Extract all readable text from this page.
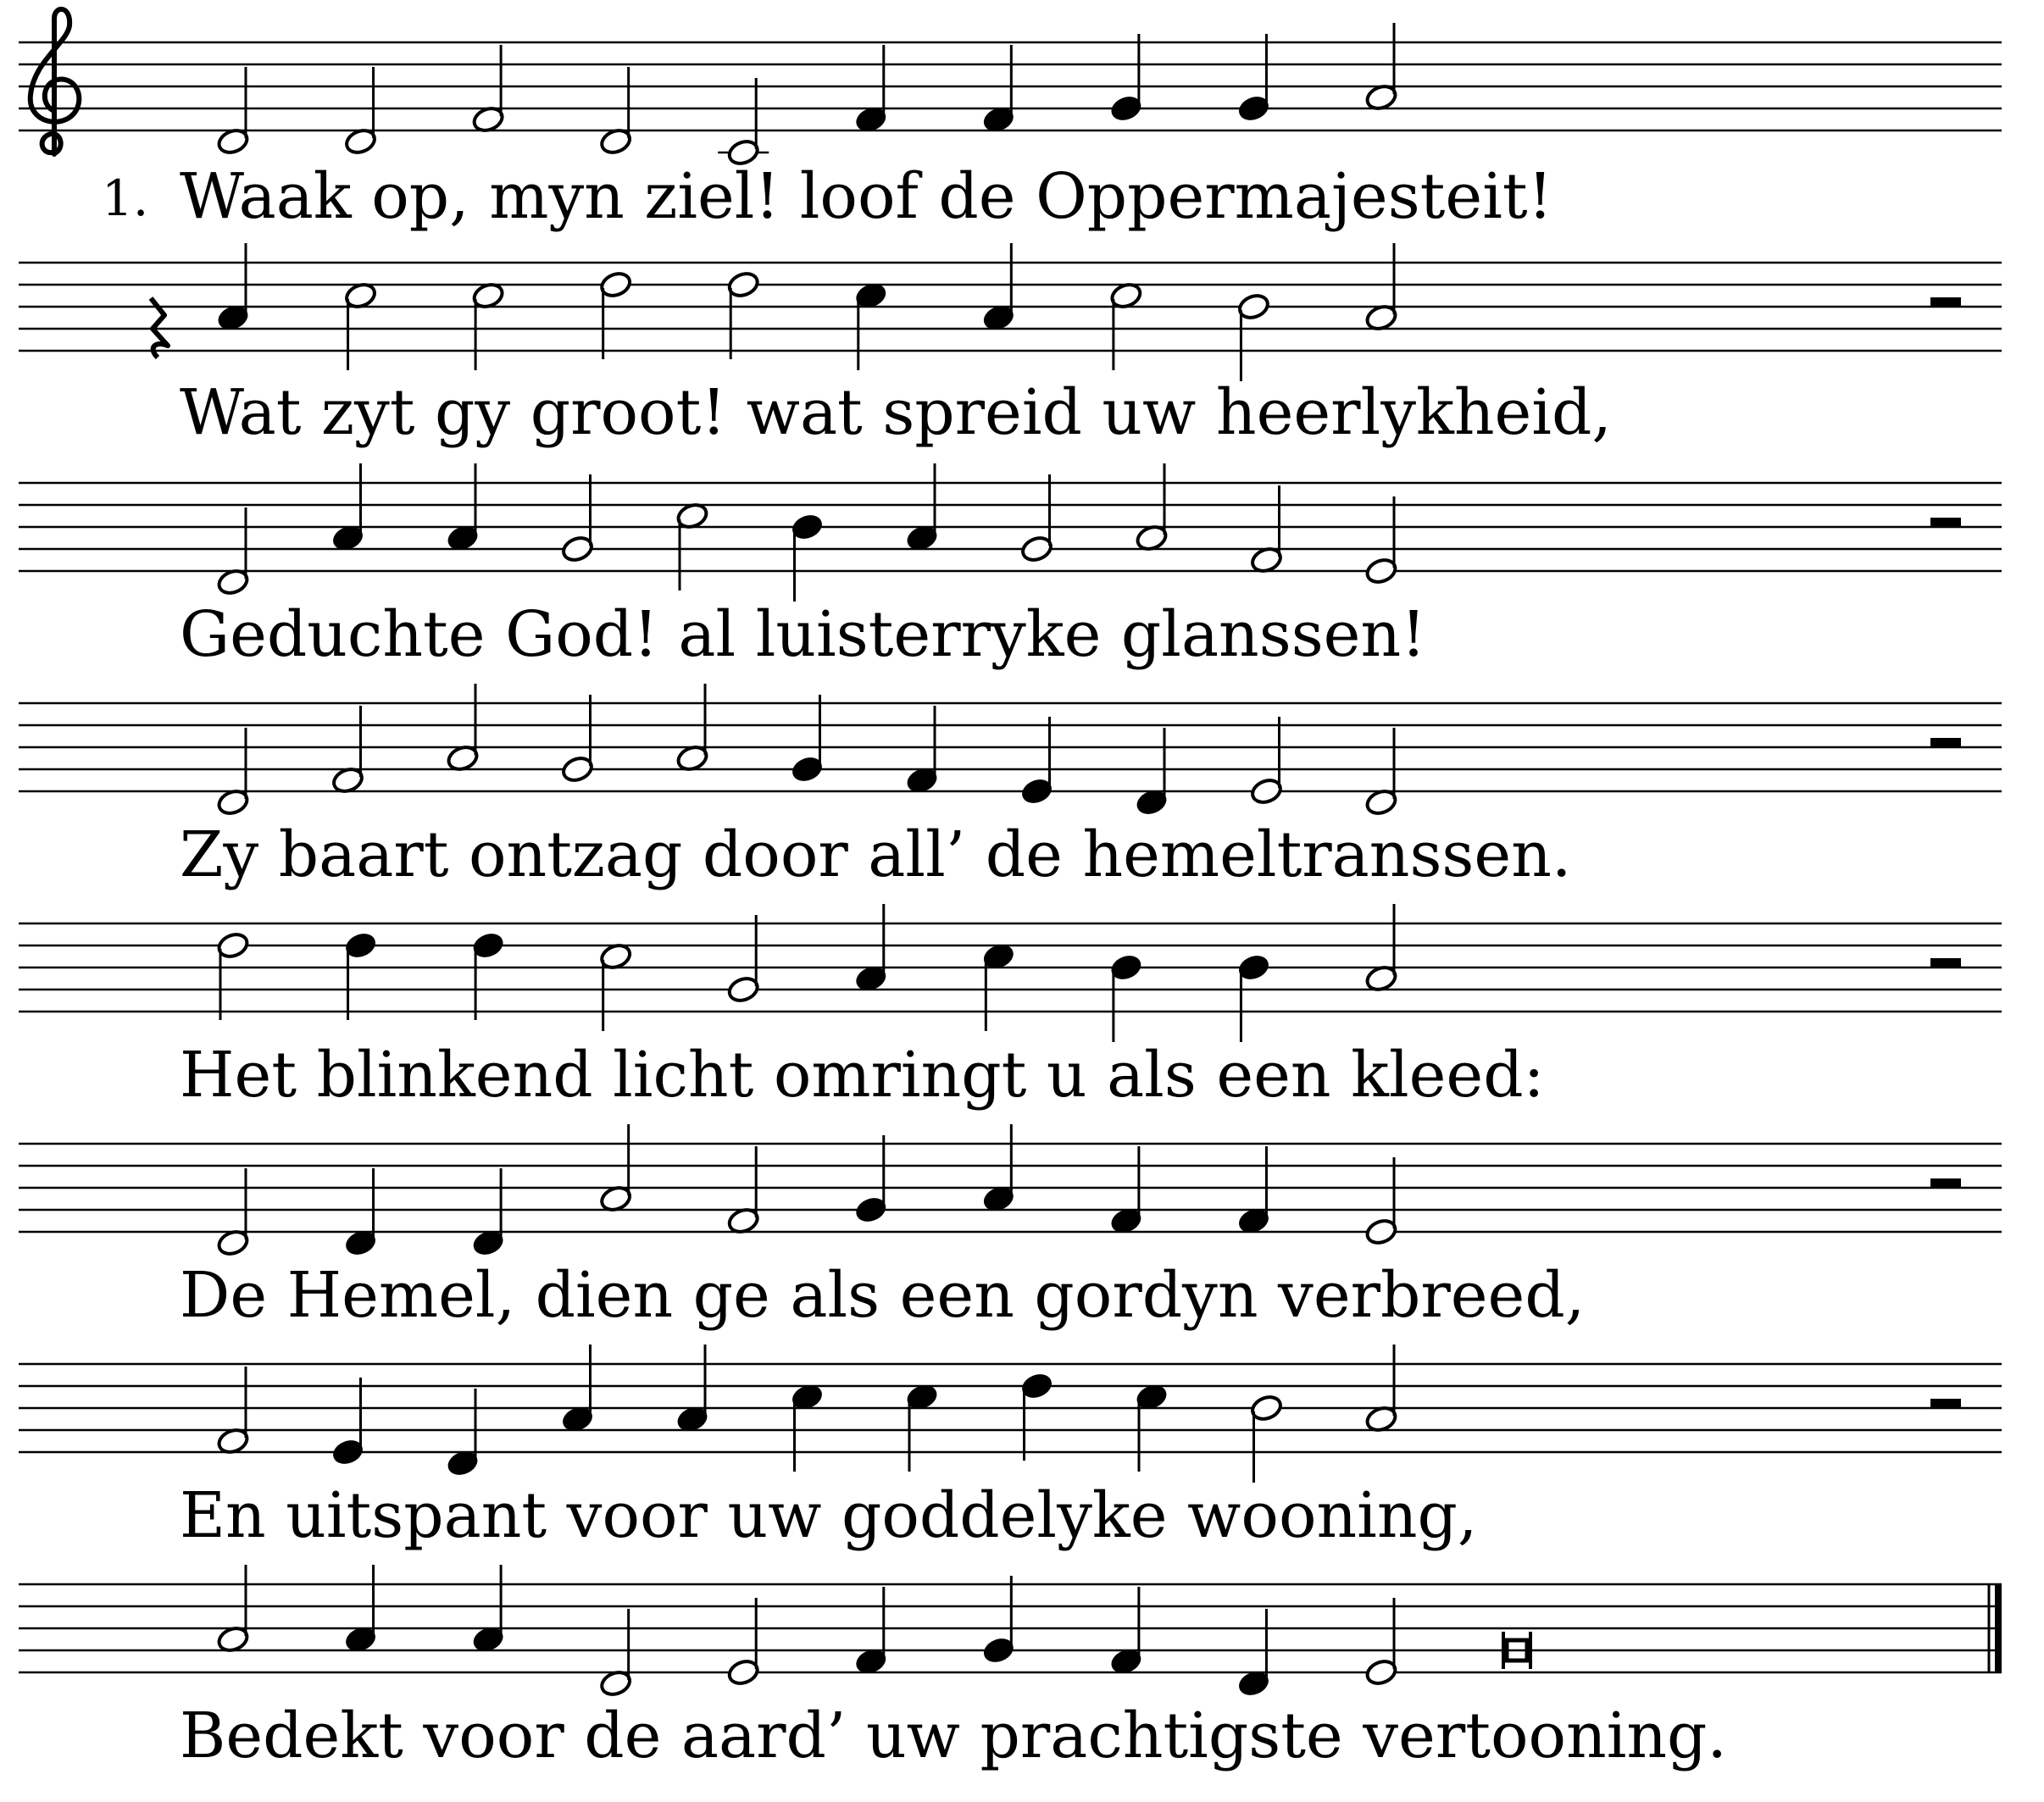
1. Waak op, myn ziel! loof de Oppermajesteit!

Wat zyt gy groot! wat spreid uw heerlykheid,

Geduchte God! al luisterryke glanssen!

Zy baart ontzag door all’ de hemeltranssen.

Het blinkend licht omringt u als een kleed:

De Hemel, dien ge als een gordyn verbreed,

En uitspant voor uw goddelyke wooning,

Bedekt voor de aard’ uw prachtigste vertooning.
